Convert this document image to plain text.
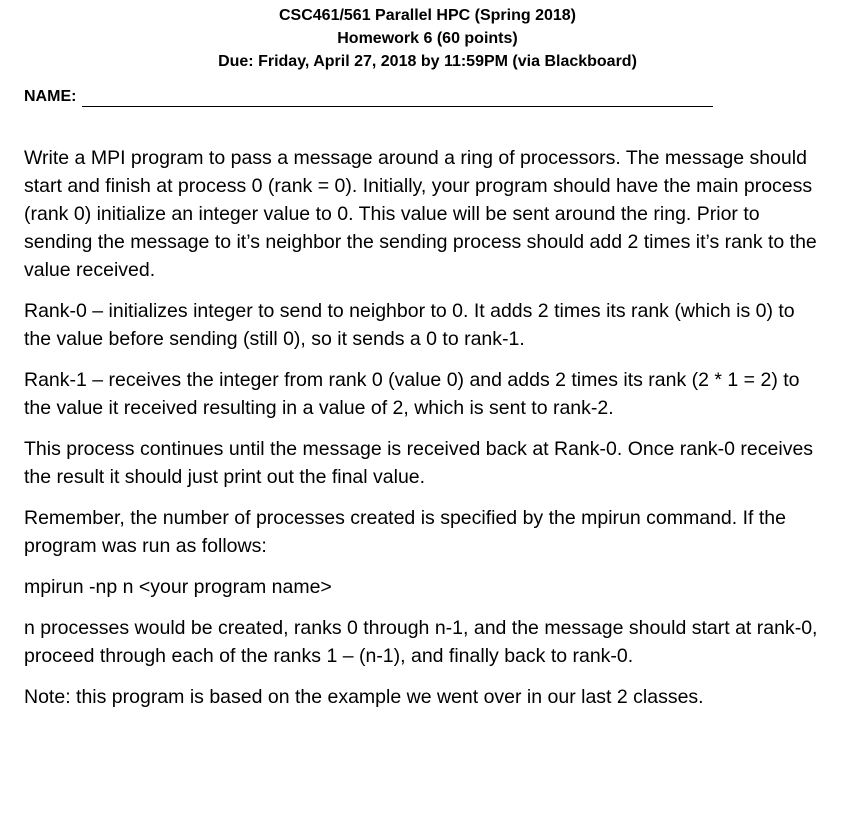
CSC461/561 Parallel HPC (Spring 2018)
Homework 6 (60 points)
Due: Friday, April 27, 2018 by 11:59PM (via Blackboard)
NAME:

Write a MPI program to pass a message around a ring of processors. The message should start and finish at process 0 (rank = 0). Initially, your program should have the main process (rank 0) initialize an integer value to 0. This value will be sent around the ring. Prior to sending the message to it’s neighbor the sending process should add 2 times it’s rank to the value received.

Rank-0 – initializes integer to send to neighbor to 0. It adds 2 times its rank (which is 0) to the value before sending (still 0), so it sends a 0 to rank-1.

Rank-1 – receives the integer from rank 0 (value 0) and adds 2 times its rank (2 * 1 = 2) to the value it received resulting in a value of 2, which is sent to rank-2.

This process continues until the message is received back at Rank-0. Once rank-0 receives the result it should just print out the final value.

Remember, the number of processes created is specified by the mpirun command. If the program was run as follows:

mpirun -np n <your program name>

n processes would be created, ranks 0 through n-1, and the message should start at rank-0, proceed through each of the ranks 1 – (n-1), and finally back to rank-0.

Note: this program is based on the example we went over in our last 2 classes.
